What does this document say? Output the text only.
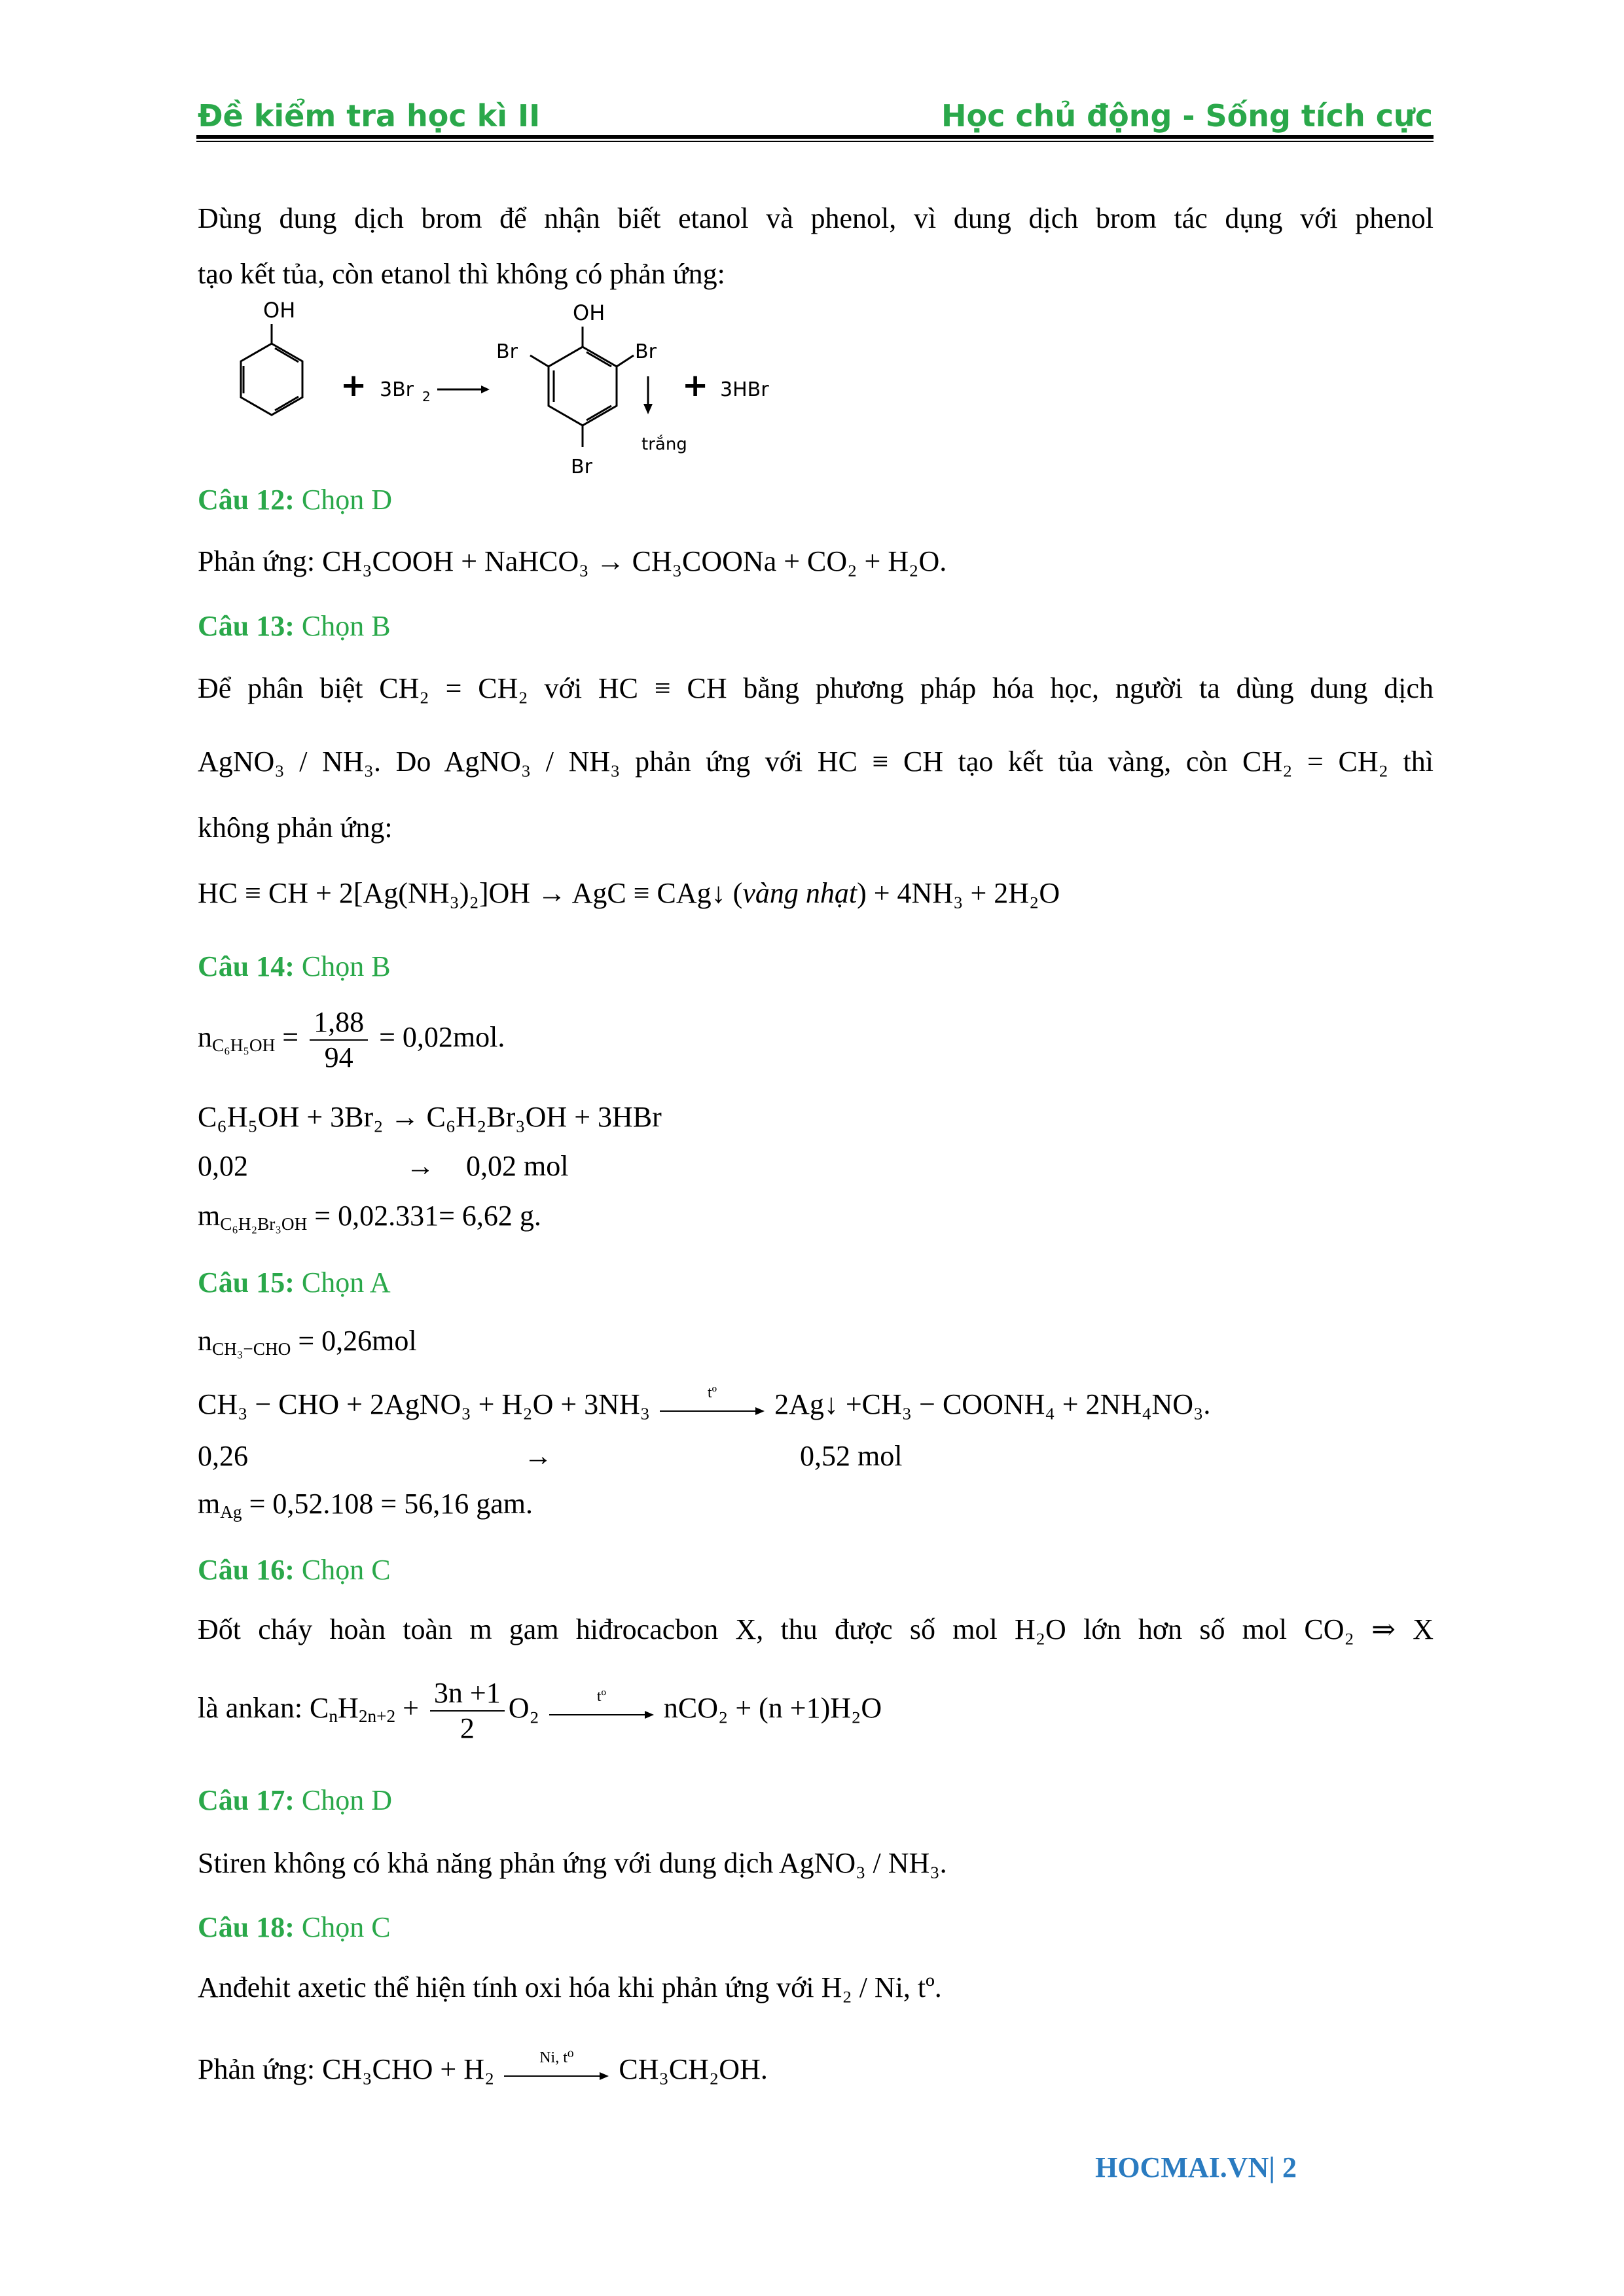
Đề kiểm tra học kì II	Học chủ động - Sống tích cực
Dùng dung dịch brom để nhận biết etanol và phenol, vì dung dịch brom tác dụng với phenol
tạo kết tủa, còn etanol thì không có phản ứng:
OH
+ 3Br 2
OH
Br	Br
Br
trắng
+ 3HBr
Câu 12: Chọn D
Phản ứng: CH₃COOH + NaHCO₃ → CH₃COONa + CO₂ + H₂O.
Câu 13: Chọn B
Để phân biệt CH₂ = CH₂ với HC ≡ CH bằng phương pháp hóa học, người ta dùng dung dịch
AgNO₃ / NH₃. Do AgNO₃ / NH₃ phản ứng với HC ≡ CH tạo kết tủa vàng, còn CH₂ = CH₂ thì
không phản ứng:
HC ≡ CH + 2[Ag(NH₃)₂]OH → AgC ≡ CAg↓ (vàng nhạt) + 4NH₃ + 2H₂O
Câu 14: Chọn B
$n_{C_6H_5OH} = \frac{1,88}{94} = 0,02mol$.
C₆H₅OH + 3Br₂ → C₆H₂Br₃OH + 3HBr
0,02	→ 0,02 mol
$m_{C_6H_2Br_3OH} = 0,02.331= 6,62$ g.
Câu 15: Chọn A
$n_{CH_3-CHO} = 0,26mol$
CH₃ − CHO + 2AgNO₃ + H₂O + 3NH₃	tº	2Ag↓ +CH₃ − COONH₄ + 2NH₄NO₃.
0,26	→	0,52 mol
$m_{Ag} = 0,52.108 = 56,16$ gam.
Câu 16: Chọn C
Đốt cháy hoàn toàn m gam hiđrocacbon X, thu được số mol H₂O lớn hơn số mol CO₂ ⇒ X
là ankan: $C_nH_{2n+2} + \frac{3n +1}{2} O_2$	tº	nCO₂ + (n +1)H₂O
Câu 17: Chọn D
Stiren không có khả năng phản ứng với dung dịch AgNO₃ / NH₃.
Câu 18: Chọn C
Anđehit axetic thể hiện tính oxi hóa khi phản ứng với H₂ / Ni, tº.
Phản ứng: CH₃CHO + H₂	Ni, t⁰	CH₃CH₂OH.
HOCMAI.VN| 2
